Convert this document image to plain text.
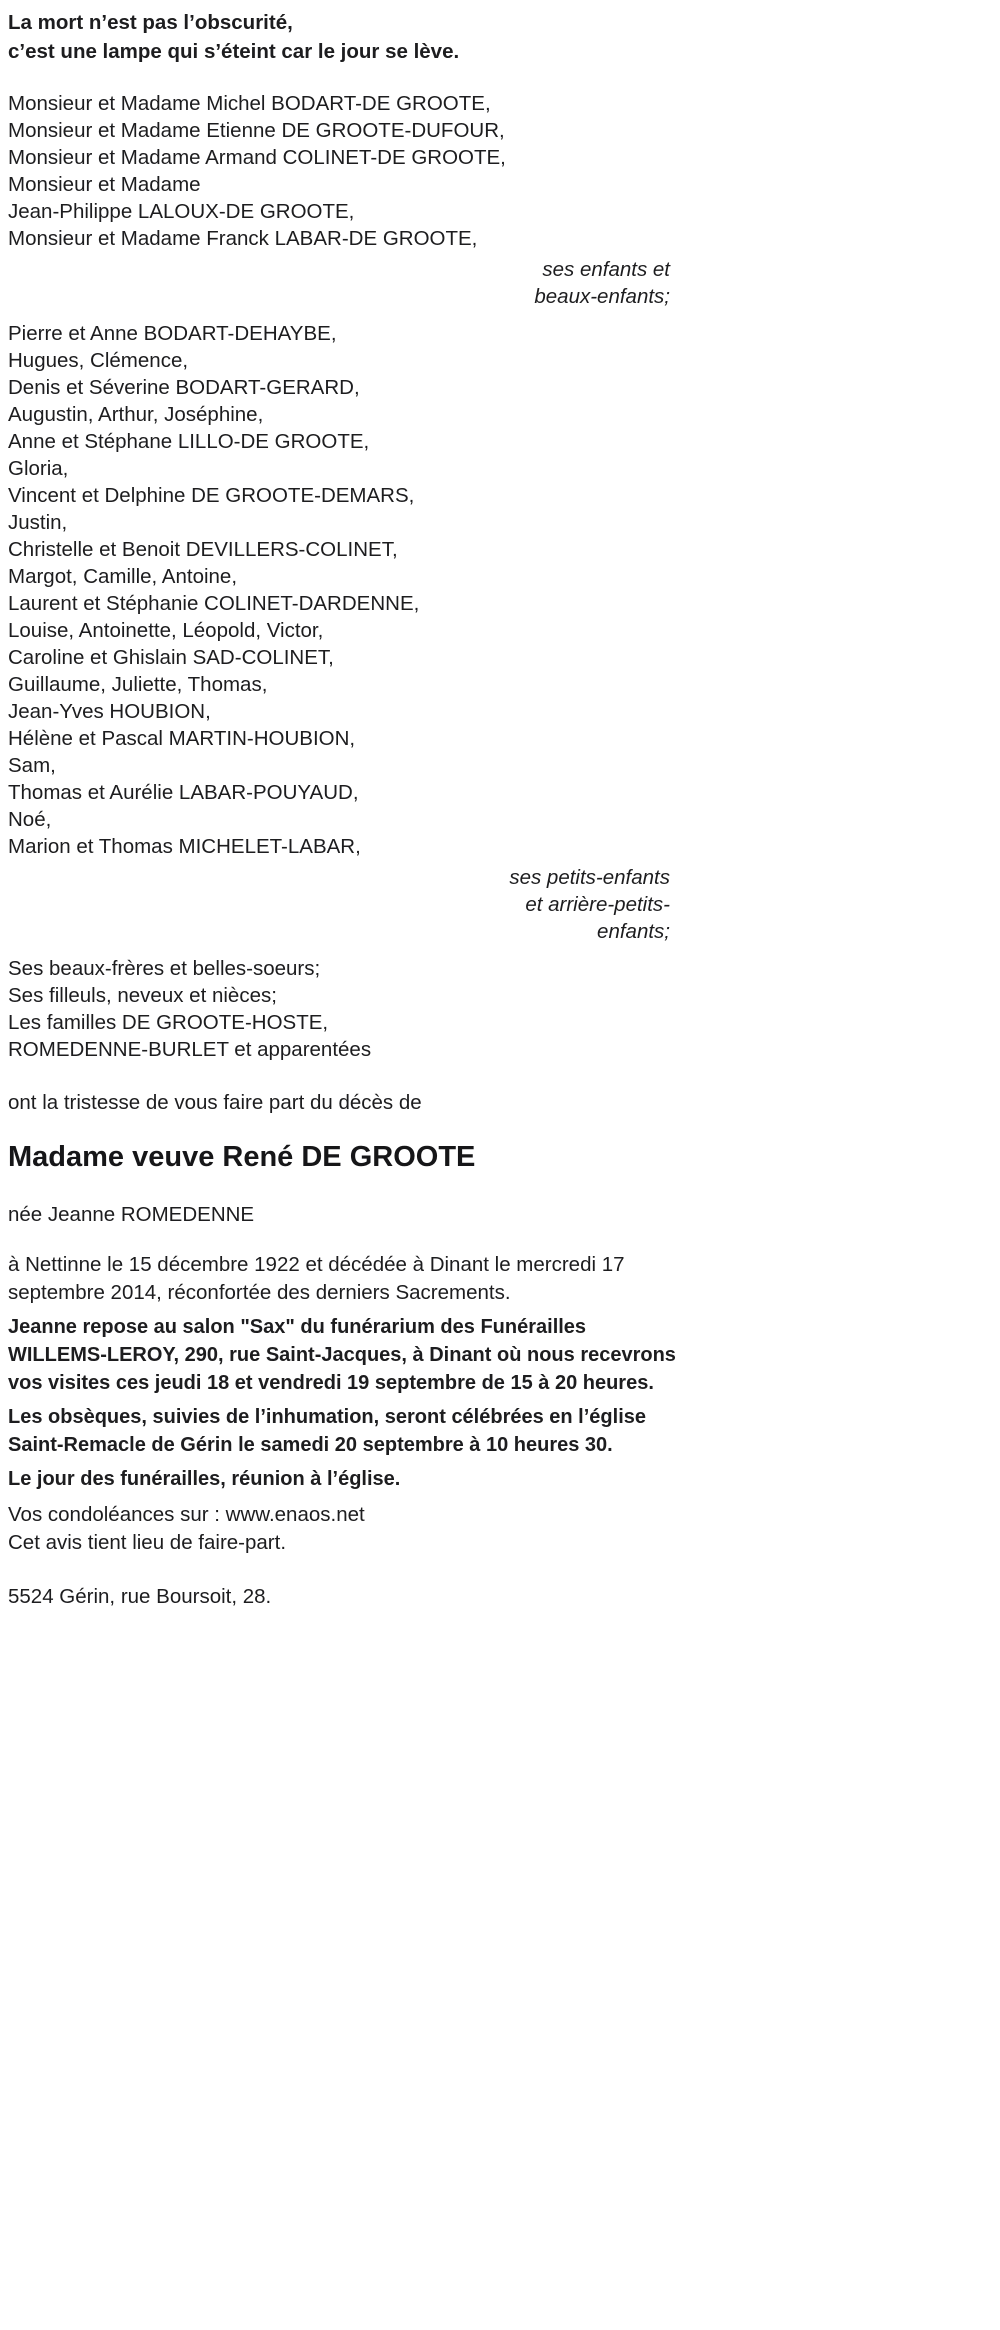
La mort n’est pas l’obscurité,
c’est une lampe qui s’éteint car le jour se lève.
Monsieur et Madame Michel BODART-DE GROOTE,
Monsieur et Madame Etienne DE GROOTE-DUFOUR,
Monsieur et Madame Armand COLINET-DE GROOTE,
Monsieur et Madame
Jean-Philippe LALOUX-DE GROOTE,
Monsieur et Madame Franck LABAR-DE GROOTE,
ses enfants et
beaux-enfants;
Pierre et Anne BODART-DEHAYBE,
Hugues, Clémence,
Denis et Séverine BODART-GERARD,
Augustin, Arthur, Joséphine,
Anne et Stéphane LILLO-DE GROOTE,
Gloria,
Vincent et Delphine DE GROOTE-DEMARS,
Justin,
Christelle et Benoit DEVILLERS-COLINET,
Margot, Camille, Antoine,
Laurent et Stéphanie COLINET-DARDENNE,
Louise, Antoinette, Léopold, Victor,
Caroline et Ghislain SAD-COLINET,
Guillaume, Juliette, Thomas,
Jean-Yves HOUBION,
Hélène et Pascal MARTIN-HOUBION,
Sam,
Thomas et Aurélie LABAR-POUYAUD,
Noé,
Marion et Thomas MICHELET-LABAR,
ses petits-enfants
et arrière-petits-
enfants;
Ses beaux-frères et belles-soeurs;
Ses filleuls, neveux et nièces;
Les familles DE GROOTE-HOSTE,
ROMEDENNE-BURLET et apparentées

ont la tristesse de vous faire part du décès de

Madame veuve René DE GROOTE

née Jeanne ROMEDENNE

à Nettinne le 15 décembre 1922 et décédée à Dinant le mercredi 17 septembre 2014, réconfortée des derniers Sacrements.

Jeanne repose au salon "Sax" du funérarium des Funérailles WILLEMS-LEROY, 290, rue Saint-Jacques, à Dinant où nous recevrons vos visites ces jeudi 18 et vendredi 19 septembre de 15 à 20 heures.

Les obsèques, suivies de l’inhumation, seront célébrées en l’église Saint-Remacle de Gérin le samedi 20 septembre à 10 heures 30.

Le jour des funérailles, réunion à l’église.

Vos condoléances sur : www.enaos.net

Cet avis tient lieu de faire-part.

5524 Gérin, rue Boursoit, 28.
